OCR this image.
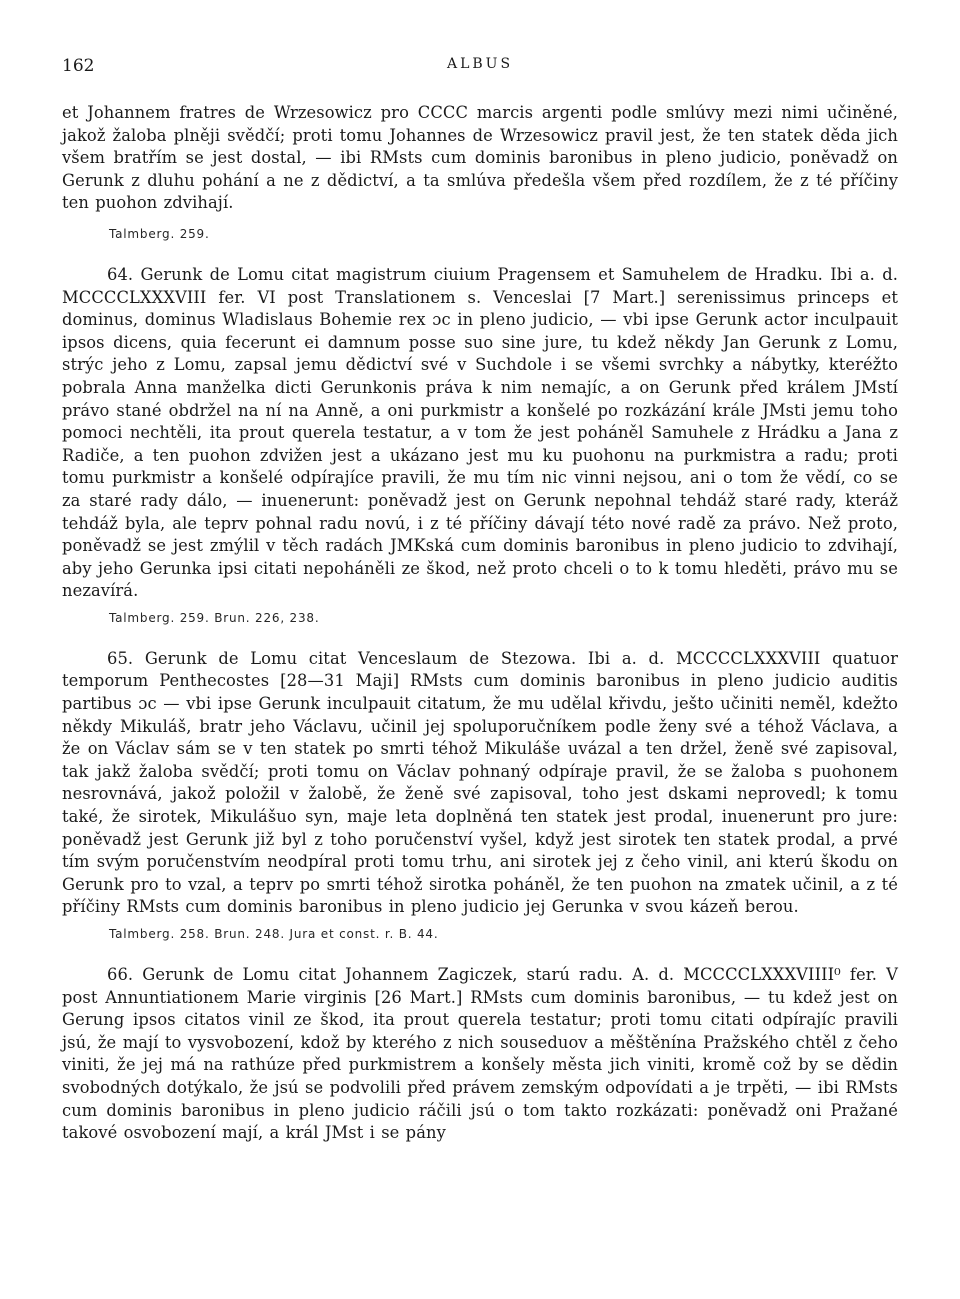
162	ALBUS

et Johannem fratres de Wrzesowicz pro CCCC marcis argenti podle smlúvy mezi nimi učiněné, jakož žaloba plněji svědčí; proti tomu Johannes de Wrzesowicz pravil jest, že ten statek děda jich všem bratřím se jest dostal, — ibi RMsts cum dominis baronibus in pleno judicio, poněvadž on Gerunk z dluhu pohání a ne z dědictví, a ta smlúva předešla všem před rozdílem, že z té příčiny ten puohon zdvihají.

Talmberg. 259.

64. Gerunk de Lomu citat magistrum ciuium Pragensem et Samuhelem de Hradku. Ibi a. d. MCCCCLXXXVIII fer. VI post Translationem s. Venceslai [7 Mart.] serenissimus princeps et dominus, dominus Wladislaus Bohemie rex ɔc in pleno judicio, — vbi ipse Gerunk actor inculpauit ipsos dicens, quia fecerunt ei damnum posse suo sine jure, tu kdež někdy Jan Gerunk z Lomu, strýc jeho z Lomu, zapsal jemu dědictví své v Suchdole i se všemi svrchky a nábytky, kteréžto pobrala Anna manželka dicti Gerunkonis práva k nim nemajíc, a on Gerunk před králem JMstí právo stané obdržel na ní na Anně, a oni purkmistr a konšelé po rozkázání krále JMsti jemu toho pomoci nechtěli, ita prout querela testatur, a v tom že jest poháněl Samuhele z Hrádku a Jana z Radiče, a ten puohon zdvižen jest a ukázano jest mu ku puohonu na purkmistra a radu; proti tomu purkmistr a konšelé odpírajíce pravili, že mu tím nic vinni nejsou, ani o tom že vědí, co se za staré rady dálo, — inuenerunt: poněvadž jest on Gerunk nepohnal tehdáž staré rady, kteráž tehdáž byla, ale teprv pohnal radu novú, i z té příčiny dávají této nové radě za právo. Než proto, poněvadž se jest zmýlil v těch radách JMKská cum dominis baronibus in pleno judicio to zdvihají, aby jeho Gerunka ipsi citati nepoháněli ze škod, než proto chceli o to k tomu hleděti, právo mu se nezavírá.

Talmberg. 259. Brun. 226, 238.

65. Gerunk de Lomu citat Venceslaum de Stezowa. Ibi a. d. MCCCCLXXXVIII quatuor temporum Penthecostes [28—31 Maji] RMsts cum dominis baronibus in pleno judicio auditis partibus ɔc — vbi ipse Gerunk inculpauit citatum, že mu udělal křivdu, ješto učiniti neměl, kdežto někdy Mikuláš, bratr jeho Václavu, učinil jej spoluporučníkem podle ženy své a téhož Václava, a že on Václav sám se v ten statek po smrti téhož Mikuláše uvázal a ten držel, ženě své zapisoval, tak jakž žaloba svědčí; proti tomu on Václav pohnaný odpíraje pravil, že se žaloba s puohonem nesrovnává, jakož položil v žalobě, že ženě své zapisoval, toho jest dskami neprovedl; k tomu také, že sirotek, Mikulášuo syn, maje leta doplněná ten statek jest prodal, inuenerunt pro jure: poněvadž jest Gerunk již byl z toho poručenství vyšel, když jest sirotek ten statek prodal, a prvé tím svým poručenstvím neodpíral proti tomu trhu, ani sirotek jej z čeho vinil, ani kterú škodu on Gerunk pro to vzal, a teprv po smrti téhož sirotka poháněl, že ten puohon na zmatek učinil, a z té příčiny RMsts cum dominis baronibus in pleno judicio jej Gerunka v svou kázeň berou.

Talmberg. 258. Brun. 248. Jura et const. r. B. 44.

66. Gerunk de Lomu citat Johannem Zagiczek, starú radu. A. d. MCCCCLXXXVIIII⁰ fer. V post Annuntiationem Marie virginis [26 Mart.] RMsts cum dominis baronibus, — tu kdež jest on Gerung ipsos citatos vinil ze škod, ita prout querela testatur; proti tomu citati odpírajíc pravili jsú, že mají to vysvobození, kdož by kterého z nich souseduov a měštěnína Pražského chtěl z čeho viniti, že jej má na rathúze před purkmistrem a konšely města jich viniti, kromě což by se dědin svobodných dotýkalo, že jsú se podvolili před právem zemským odpovídati a je trpěti, — ibi RMsts cum dominis baronibus in pleno judicio ráčili jsú o tom takto rozkázati: poněvadž oni Pražané takové osvobození mají, a král JMst i se pány
